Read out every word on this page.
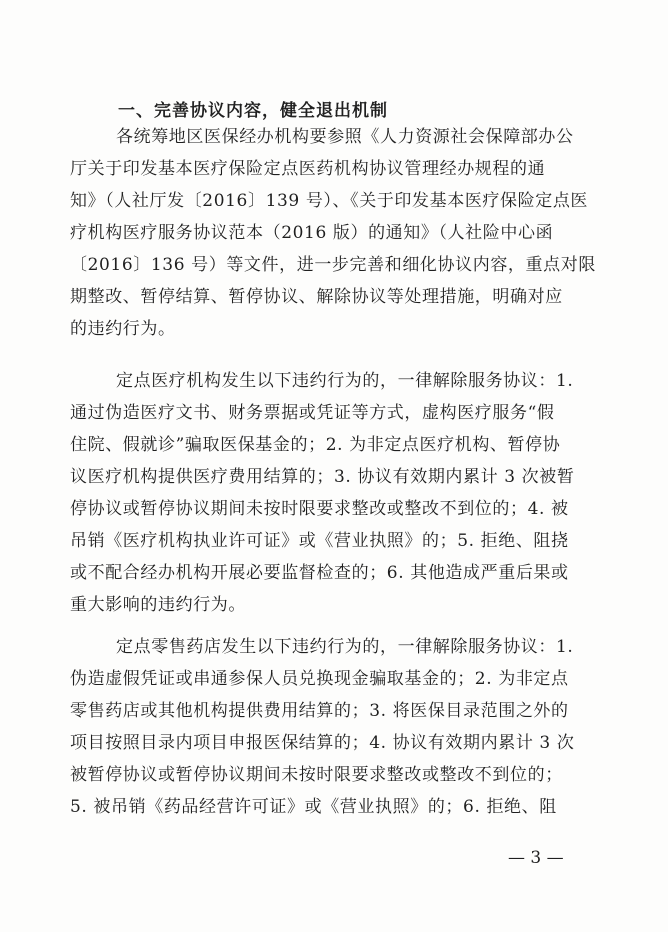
一、完善协议内容，健全退出机制
各统筹地区医保经办机构要参照《人力资源社会保障部办公
厅关于印发基本医疗保险定点医药机构协议管理经办规程的通
知》（人社厅发〔2016〕139 号）、《关于印发基本医疗保险定点医
疗机构医疗服务协议范本（2016 版）的通知》（人社险中心函
〔2016〕136 号）等文件，进一步完善和细化协议内容，重点对限
期整改、暂停结算、暂停协议、解除协议等处理措施，明确对应
的违约行为。
定点医疗机构发生以下违约行为的，一律解除服务协议：1.
通过伪造医疗文书、财务票据或凭证等方式，虚构医疗服务“假
住院、假就诊”骗取医保基金的；2. 为非定点医疗机构、暂停协
议医疗机构提供医疗费用结算的；3. 协议有效期内累计 3 次被暂
停协议或暂停协议期间未按时限要求整改或整改不到位的；4. 被
吊销《医疗机构执业许可证》或《营业执照》的；5. 拒绝、阻挠
或不配合经办机构开展必要监督检查的；6. 其他造成严重后果或
重大影响的违约行为。
定点零售药店发生以下违约行为的，一律解除服务协议：1.
伪造虚假凭证或串通参保人员兑换现金骗取基金的；2. 为非定点
零售药店或其他机构提供费用结算的；3. 将医保目录范围之外的
项目按照目录内项目申报医保结算的；4. 协议有效期内累计 3 次
被暂停协议或暂停协议期间未按时限要求整改或整改不到位的；
5. 被吊销《药品经营许可证》或《营业执照》的；6. 拒绝、阻
— 3 —
